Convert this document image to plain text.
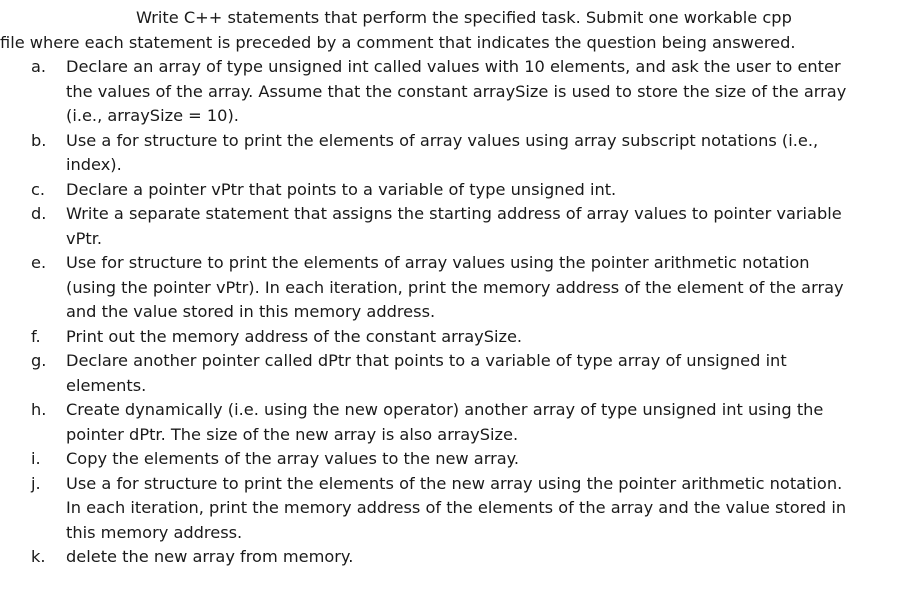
Write C++ statements that perform the specified task. Submit one workable cpp file where each statement is preceded by a comment that indicates the question being answered.

a.	Declare an array of type unsigned int called values with 10 elements, and ask the user to enter the values of the array. Assume that the constant arraySize is used to store the size of the array (i.e., arraySize = 10).
b.	Use a for structure to print the elements of array values using array subscript notations (i.e., index).
c.	Declare a pointer vPtr that points to a variable of type unsigned int.
d.	Write a separate statement that assigns the starting address of array values to pointer variable vPtr.
e.	Use for structure to print the elements of array values using the pointer arithmetic notation (using the pointer vPtr). In each iteration, print the memory address of the element of the array and the value stored in this memory address.
f.	Print out the memory address of the constant arraySize.
g.	Declare another pointer called dPtr that points to a variable of type array of unsigned int elements.
h.	Create dynamically (i.e. using the new operator) another array of type unsigned int using the pointer dPtr. The size of the new array is also arraySize.
i.	Copy the elements of the array values to the new array.
j.	Use a for structure to print the elements of the new array using the pointer arithmetic notation. In each iteration, print the memory address of the elements of the array and the value stored in this memory address.
k.	delete the new array from memory.
